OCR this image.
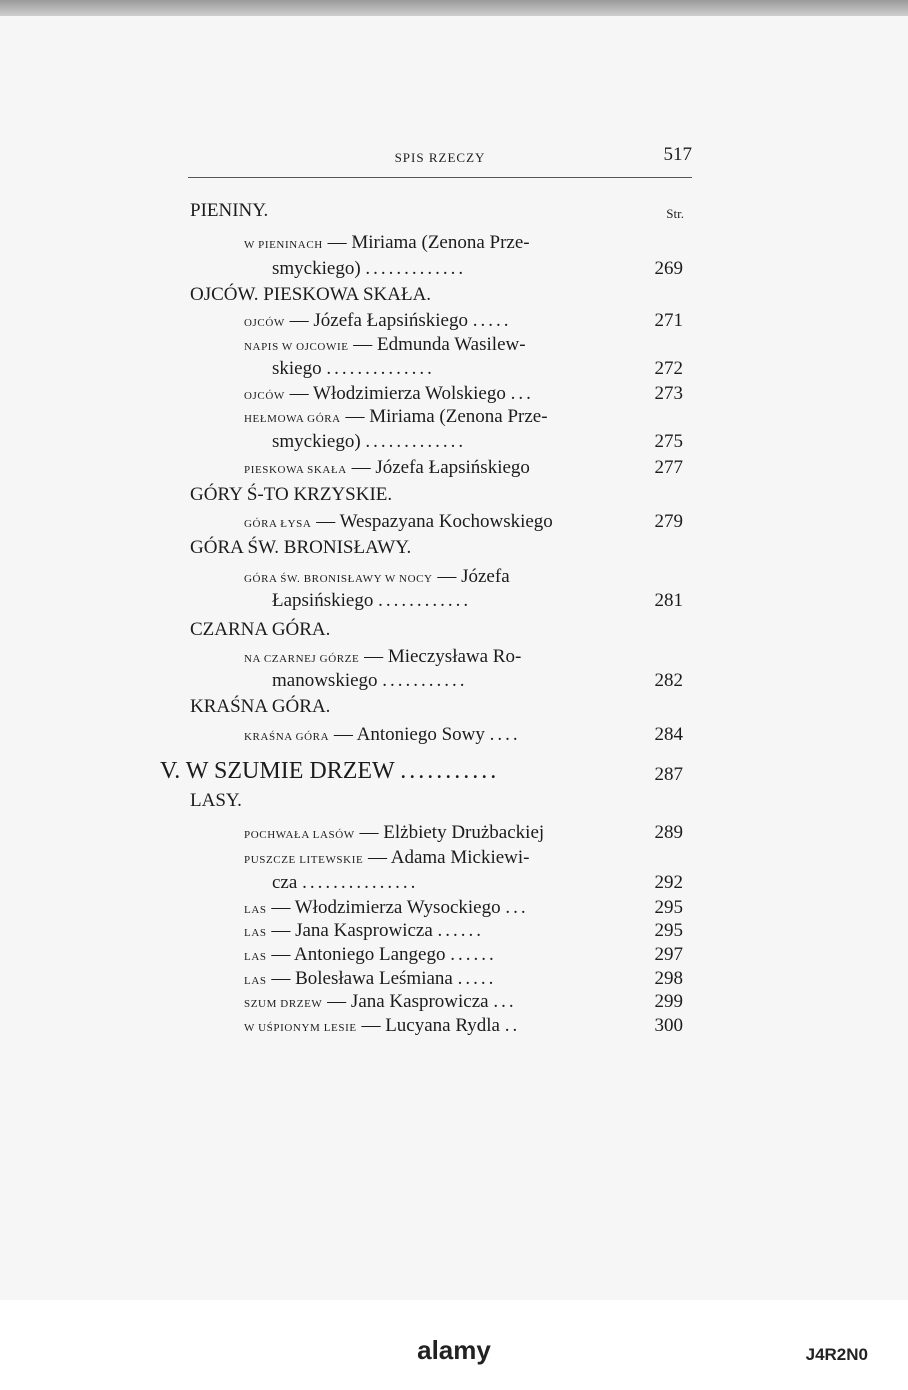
SPIS RZECZY	517
PIENINY.	Str.
W PIENINACH — Miriama (Zenona Prze-
smyckiego) .............	269
OJCÓW. PIESKOWA SKAŁA.
OJCÓW — Józefa Łapsińskiego .....	271
NAPIS W OJCOWIE — Edmunda Wasilew-
skiego ..............	272
OJCÓW — Włodzimierza Wolskiego ...	273
HEŁMOWA GÓRA — Miriama (Zenona Prze-
smyckiego) .............	275
PIESKOWA SKAŁA — Józefa Łapsińskiego	277
GÓRY Ś-TO KRZYSKIE.
GÓRA ŁYSA — Wespazyana Kochowskiego	279
GÓRA ŚW. BRONISŁAWY.
GÓRA ŚW. BRONISŁAWY W NOCY — Józefa
Łapsińskiego ............	281
CZARNA GÓRA.
NA CZARNEJ GÓRZE — Mieczysława Ro-
manowskiego ...........	282
KRAŚNA GÓRA.
KRAŚNA GÓRA — Antoniego Sowy ....	284
V. W SZUMIE DRZEW ...........	287
LASY.
POCHWAŁA LASÓW — Elżbiety Drużbackiej	289
PUSZCZE LITEWSKIE — Adama Mickiewi-
cza ...............	292
LAS — Włodzimierza Wysockiego ...	295
LAS — Jana Kasprowicza ......	295
LAS — Antoniego Langego ......	297
LAS — Bolesława Leśmiana .....	298
SZUM DRZEW — Jana Kasprowicza ...	299
W UŚPIONYM LESIE — Lucyana Rydla ..	300
alamy	J4R2N0
